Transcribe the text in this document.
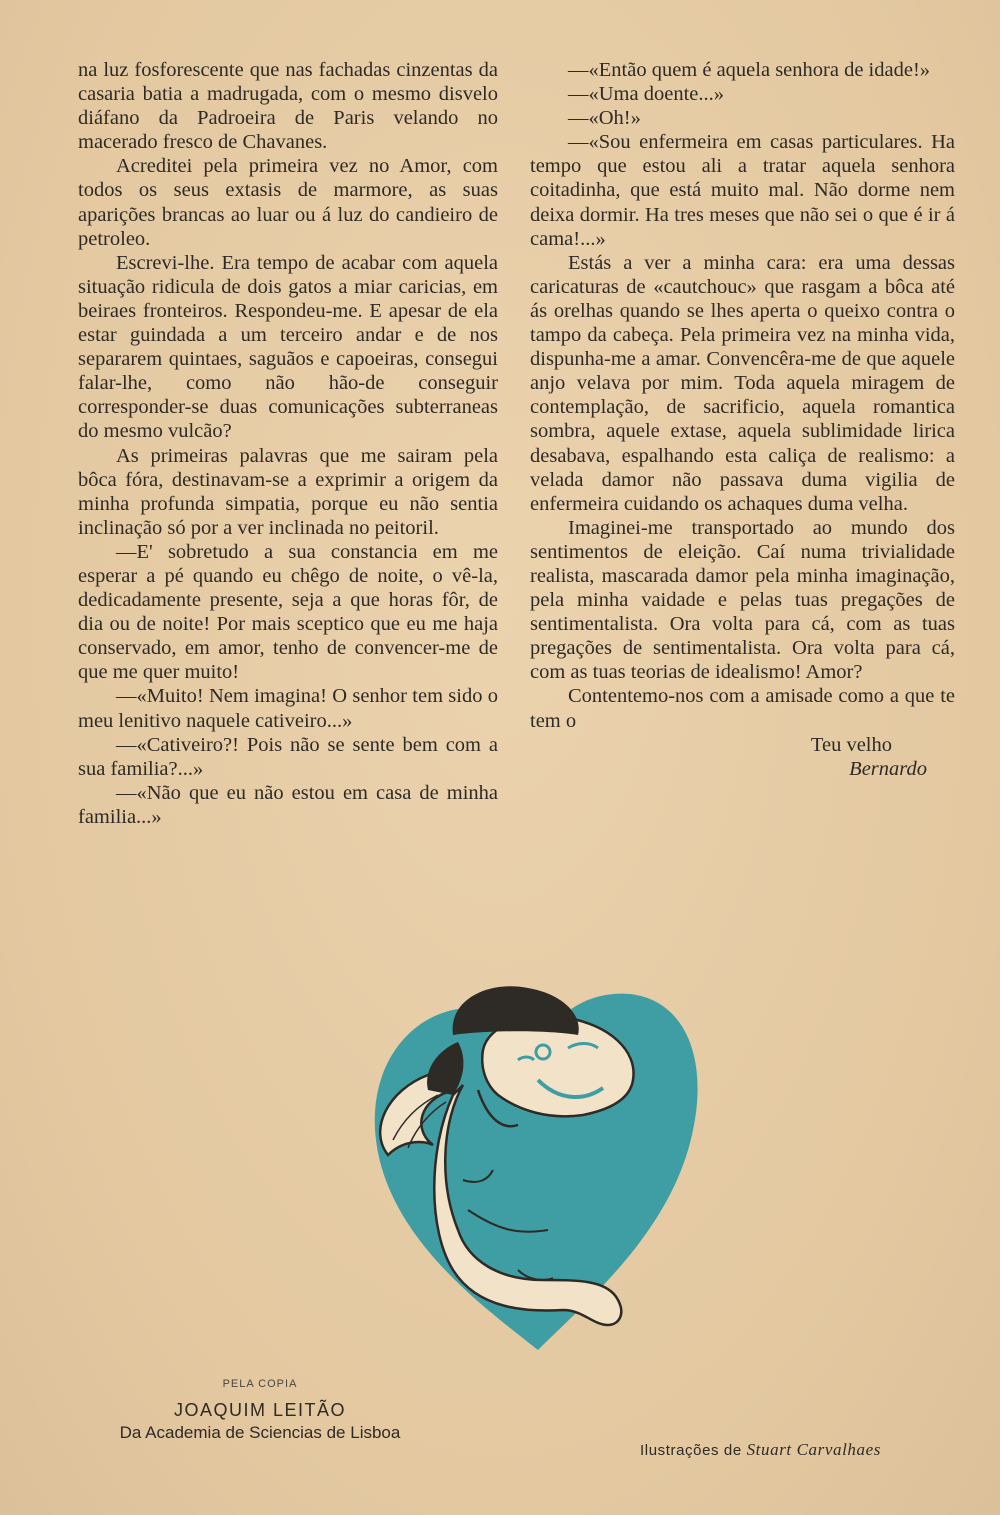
na luz fosforescente que nas fachadas cinzentas da casaria batia a madrugada, com o mesmo disvelo diáfano da Padroeira de Paris velando no macerado fresco de Chavanes.

Acreditei pela primeira vez no Amor, com todos os seus extasis de marmore, as suas aparições brancas ao luar ou á luz do candieiro de petroleo.

Escrevi-lhe. Era tempo de acabar com aquela situação ridicula de dois gatos a miar caricias, em beiraes fronteiros. Respondeu-me. E apesar de ela estar guindada a um terceiro andar e de nos separarem quintaes, saguãos e capoeiras, consegui falar-lhe, como não hão-de conseguir corresponder-se duas comunicações subterraneas do mesmo vulcão?

As primeiras palavras que me sairam pela bôca fóra, destinavam-se a exprimir a origem da minha profunda simpatia, porque eu não sentia inclinação só por a ver inclinada no peitoril.

—E' sobretudo a sua constancia em me esperar a pé quando eu chêgo de noite, o vê-la, dedicadamente presente, seja a que horas fôr, de dia ou de noite! Por mais sceptico que eu me haja conservado, em amor, tenho de convencer-me de que me quer muito!

—«Muito! Nem imagina! O senhor tem sido o meu lenitivo naquele cativeiro...»

—«Cativeiro?! Pois não se sente bem com a sua familia?...»

—«Não que eu não estou em casa de minha familia...»

—«Então quem é aquela senhora de idade!»

—«Uma doente...»

—«Oh!»

—«Sou enfermeira em casas particulares. Ha tempo que estou ali a tratar aquela senhora coitadinha, que está muito mal. Não dorme nem deixa dormir. Ha tres meses que não sei o que é ir á cama!...»

Estás a ver a minha cara: era uma dessas caricaturas de «cautchouc» que rasgam a bôca até ás orelhas quando se lhes aperta o queixo contra o tampo da cabeça. Pela primeira vez na minha vida, dispunha-me a amar. Convencêra-me de que aquele anjo velava por mim. Toda aquela miragem de contemplação, de sacrificio, aquela romantica sombra, aquele extase, aquela sublimidade lirica desabava, espalhando esta caliça de realismo: a velada damor não passava duma vigilia de enfermeira cuidando os achaques duma velha.

Imaginei-me transportado ao mundo dos sentimentos de eleição. Caí numa trivialidade realista, mascarada damor pela minha imaginação, pela minha vaidade e pelas tuas pregações de sentimentalista. Ora volta para cá, com as tuas pregações de sentimentalista. Ora volta para cá, com as tuas teorias de idealismo! Amor?

Contentemo-nos com a amisade como a que te tem o

Teu velho

Bernardo

PELA COPIA
JOAQUIM LEITÃO
Da Academia de Sciencias de Lisboa
Ilustrações de Stuart Carvalhaes
